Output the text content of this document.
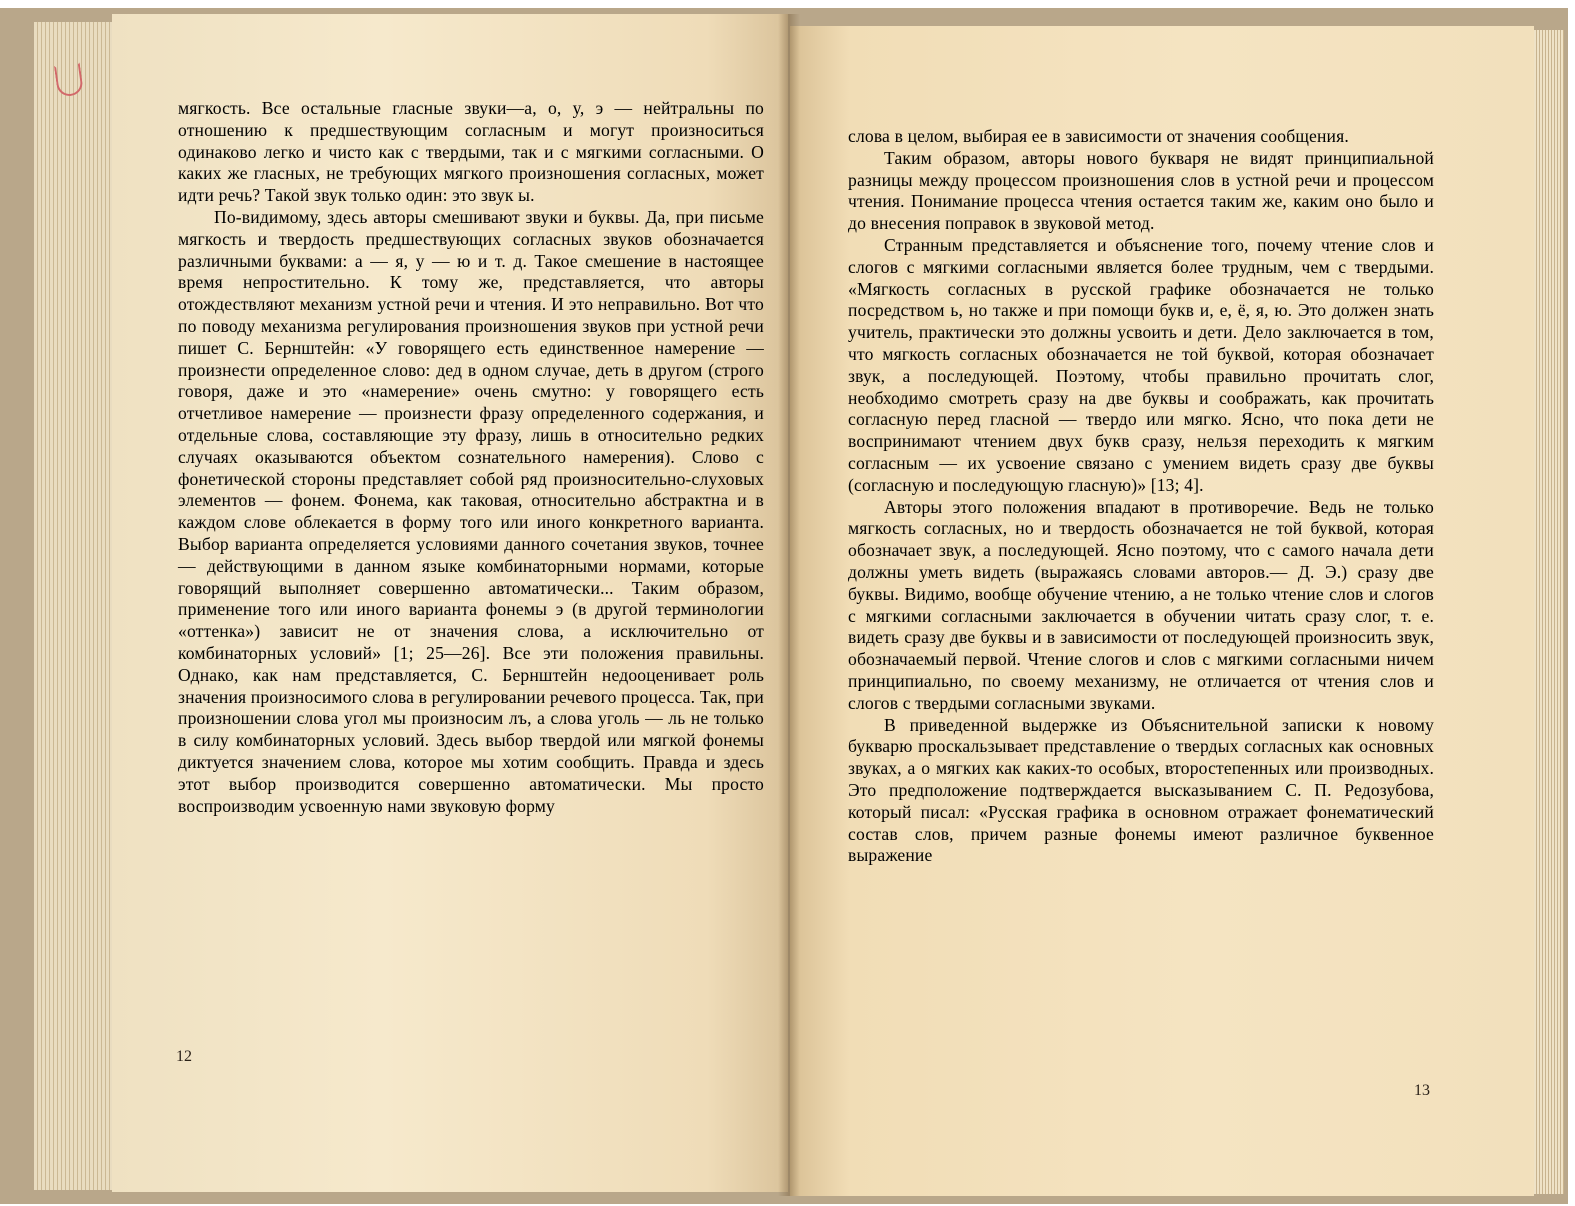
мягкость. Все остальные гласные звуки—а, о, у, э — нейтральны по отношению к предшествующим согласным и могут произноситься одинаково легко и чисто как с твердыми, так и с мягкими согласными. О каких же гласных, не требующих мягкого произношения согласных, может идти речь? Такой звук только один: это звук ы.

По-видимому, здесь авторы смешивают звуки и буквы. Да, при письме мягкость и твердость предшествующих согласных звуков обозначается различными буквами: а — я, у — ю и т. д. Такое смешение в настоящее время непростительно. К тому же, представляется, что авторы отождествляют механизм устной речи и чтения. И это неправильно. Вот что по поводу механизма регулирования произношения звуков при устной речи пишет С. Бернштейн: «У говорящего есть единственное намерение — произнести определенное слово: дед в одном случае, деть в другом (строго говоря, даже и это «намерение» очень смутно: у говорящего есть отчетливое намерение — произнести фразу определенного содержания, и отдельные слова, составляющие эту фразу, лишь в относительно редких случаях оказываются объектом сознательного намерения). Слово с фонетической стороны представляет собой ряд произносительно-слуховых элементов — фонем. Фонема, как таковая, относительно абстрактна и в каждом слове облекается в форму того или иного конкретного варианта. Выбор варианта определяется условиями данного сочетания звуков, точнее — действующими в данном языке комбинаторными нормами, которые говорящий выполняет совершенно автоматически... Таким образом, применение того или иного варианта фонемы э (в другой терминологии «оттенка») зависит не от значения слова, а исключительно от комбинаторных условий» [1; 25—26]. Все эти положения правильны. Однако, как нам представляется, С. Бернштейн недооценивает роль значения произносимого слова в регулировании речевого процесса. Так, при произношении слова угол мы произносим лъ, а слова уголь — ль не только в силу комбинаторных условий. Здесь выбор твердой или мягкой фонемы диктуется значением слова, которое мы хотим сообщить. Правда и здесь этот выбор производится совершенно автоматически. Мы просто воспроизводим усвоенную нами звуковую форму

12

слова в целом, выбирая ее в зависимости от значения сообщения.

Таким образом, авторы нового букваря не видят принципиальной разницы между процессом произношения слов в устной речи и процессом чтения. Понимание процесса чтения остается таким же, каким оно было и до внесения поправок в звуковой метод.

Странным представляется и объяснение того, почему чтение слов и слогов с мягкими согласными является более трудным, чем с твердыми. «Мягкость согласных в русской графике обозначается не только посредством ь, но также и при помощи букв и, е, ё, я, ю. Это должен знать учитель, практически это должны усвоить и дети. Дело заключается в том, что мягкость согласных обозначается не той буквой, которая обозначает звук, а последующей. Поэтому, чтобы правильно прочитать слог, необходимо смотреть сразу на две буквы и соображать, как прочитать согласную перед гласной — твердо или мягко. Ясно, что пока дети не воспринимают чтением двух букв сразу, нельзя переходить к мягким согласным — их усвоение связано с умением видеть сразу две буквы (согласную и последующую гласную)» [13; 4].

Авторы этого положения впадают в противоречие. Ведь не только мягкость согласных, но и твердость обозначается не той буквой, которая обозначает звук, а последующей. Ясно поэтому, что с самого начала дети должны уметь видеть (выражаясь словами авторов.— Д. Э.) сразу две буквы. Видимо, вообще обучение чтению, а не только чтение слов и слогов с мягкими согласными заключается в обучении читать сразу слог, т. е. видеть сразу две буквы и в зависимости от последующей произносить звук, обозначаемый первой. Чтение слогов и слов с мягкими согласными ничем принципиально, по своему механизму, не отличается от чтения слов и слогов с твердыми согласными звуками.

В приведенной выдержке из Объяснительной записки к новому букварю проскальзывает представление о твердых согласных как основных звуках, а о мягких как каких-то особых, второстепенных или производных. Это предположение подтверждается высказыванием С. П. Редозубова, который писал: «Русская графика в основном отражает фонематический состав слов, причем разные фонемы имеют различное буквенное выражение

13
